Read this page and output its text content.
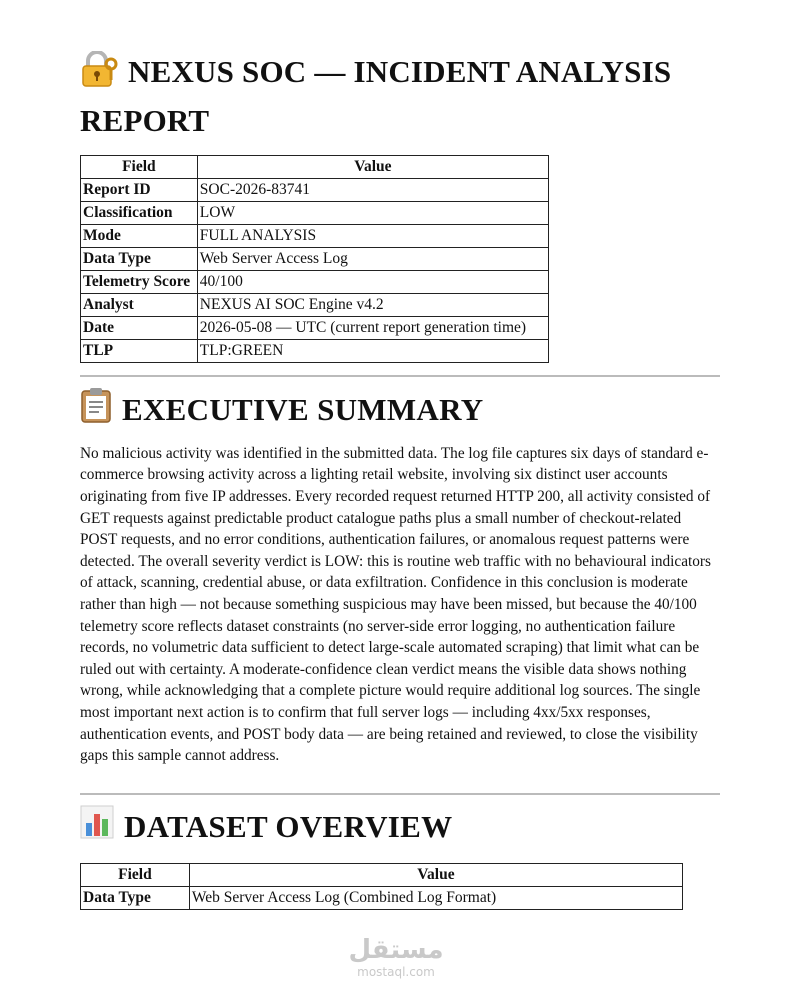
NEXUS SOC — INCIDENT ANALYSIS REPORT
Field	Value
Report ID	SOC-2026-83741
Classification	LOW
Mode	FULL ANALYSIS
Data Type	Web Server Access Log
Telemetry Score	40/100
Analyst	NEXUS AI SOC Engine v4.2
Date	2026-05-08 — UTC (current report generation time)
TLP	TLP:GREEN
EXECUTIVE SUMMARY

No malicious activity was identified in the submitted data. The log file captures six days of standard e-commerce browsing activity across a lighting retail website, involving six distinct user accounts originating from five IP addresses. Every recorded request returned HTTP 200, all activity consisted of GET requests against predictable product catalogue paths plus a small number of checkout-related POST requests, and no error conditions, authentication failures, or anomalous request patterns were detected. The overall severity verdict is LOW: this is routine web traffic with no behavioural indicators of attack, scanning, credential abuse, or data exfiltration. Confidence in this conclusion is moderate rather than high — not because something suspicious may have been missed, but because the 40/100 telemetry score reflects dataset constraints (no server-side error logging, no authentication failure records, no volumetric data sufficient to detect large-scale automated scraping) that limit what can be ruled out with certainty. A moderate-confidence clean verdict means the visible data shows nothing wrong, while acknowledging that a complete picture would require additional log sources. The single most important next action is to confirm that full server logs — including 4xx/5xx responses, authentication events, and POST body data — are being retained and reviewed, to close the visibility gaps this sample cannot address.

DATASET OVERVIEW
Field	Value
Data Type	Web Server Access Log (Combined Log Format)
مستقل
mostaql.com
